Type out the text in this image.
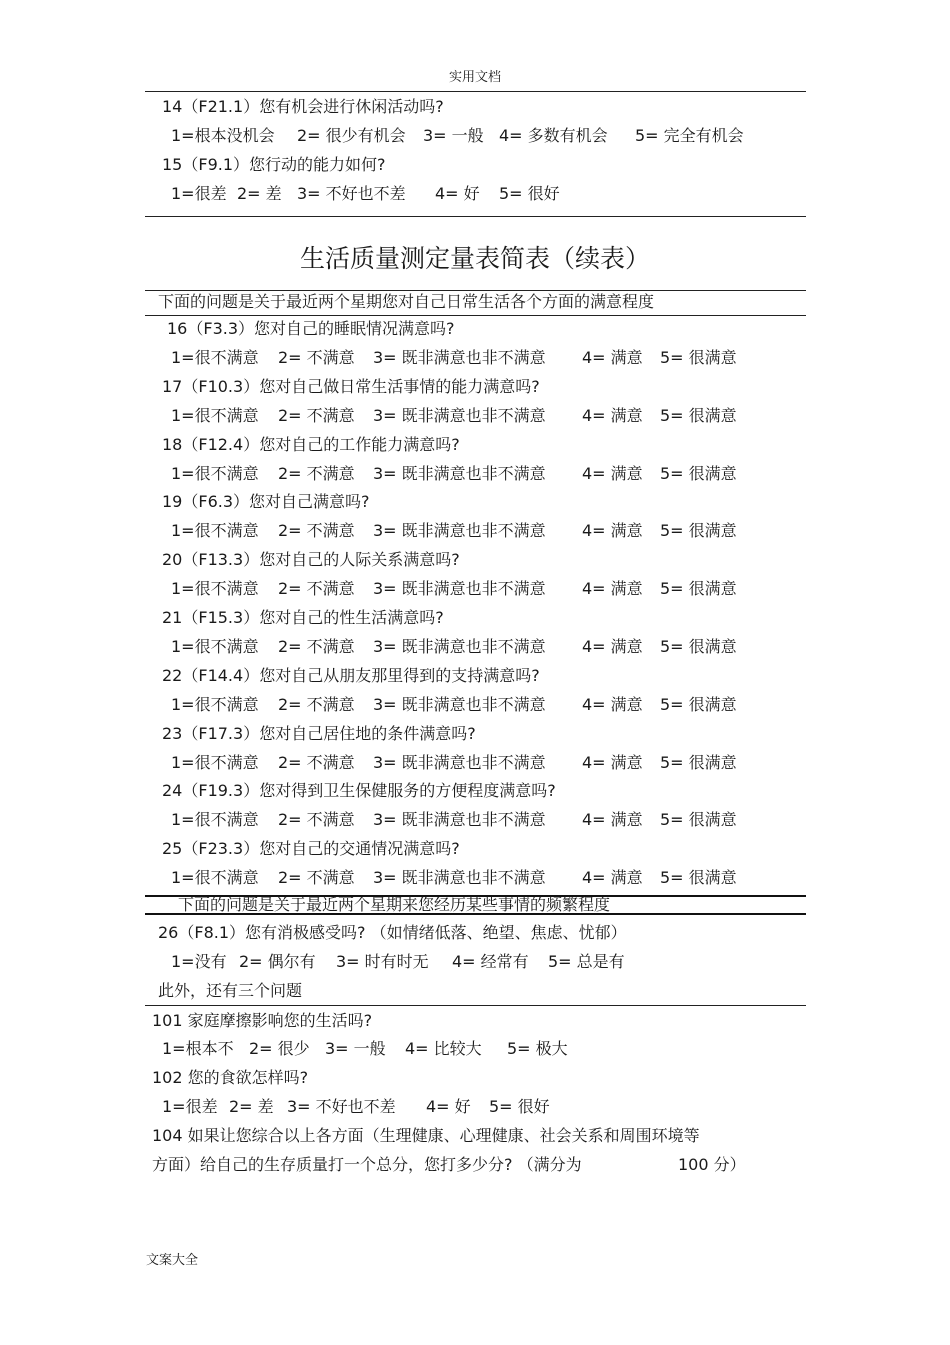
实用文档
14（F21.1）您有机会进行休闲活动吗?
1=根本没机会 2= 很少有机会 3= 一般 4= 多数有机会 5= 完全有机会
15（F9.1）您行动的能力如何?
1=很差 2= 差 3= 不好也不差 4= 好 5= 很好
生活质量测定量表简表（续表）
下面的问题是关于最近两个星期您对自己日常生活各个方面的满意程度
16（F3.3）您对自己的睡眠情况满意吗?
1=很不满意 2= 不满意 3= 既非满意也非不满意 4= 满意 5= 很满意
17（F10.3）您对自己做日常生活事情的能力满意吗?
1=很不满意 2= 不满意 3= 既非满意也非不满意 4= 满意 5= 很满意
18（F12.4）您对自己的工作能力满意吗?
1=很不满意 2= 不满意 3= 既非满意也非不满意 4= 满意 5= 很满意
19（F6.3）您对自己满意吗?
1=很不满意 2= 不满意 3= 既非满意也非不满意 4= 满意 5= 很满意
20（F13.3）您对自己的人际关系满意吗?
1=很不满意 2= 不满意 3= 既非满意也非不满意 4= 满意 5= 很满意
21（F15.3）您对自己的性生活满意吗?
1=很不满意 2= 不满意 3= 既非满意也非不满意 4= 满意 5= 很满意
22（F14.4）您对自己从朋友那里得到的支持满意吗?
1=很不满意 2= 不满意 3= 既非满意也非不满意 4= 满意 5= 很满意
23（F17.3）您对自己居住地的条件满意吗?
1=很不满意 2= 不满意 3= 既非满意也非不满意 4= 满意 5= 很满意
24（F19.3）您对得到卫生保健服务的方便程度满意吗?
1=很不满意 2= 不满意 3= 既非满意也非不满意 4= 满意 5= 很满意
25（F23.3）您对自己的交通情况满意吗?
1=很不满意 2= 不满意 3= 既非满意也非不满意 4= 满意 5= 很满意
下面的问题是关于最近两个星期来您经历某些事情的频繁程度
26（F8.1）您有消极感受吗? （如情绪低落、绝望、焦虑、忧郁）
1=没有 2= 偶尔有 3= 时有时无 4= 经常有 5= 总是有
此外，还有三个问题
101 家庭摩擦影响您的生活吗?
1=根本不 2= 很少 3= 一般 4= 比较大 5= 极大
102 您的食欲怎样吗?
1=很差 2= 差 3= 不好也不差 4= 好 5= 很好
104 如果让您综合以上各方面（生理健康、心理健康、社会关系和周围环境等
方面）给自己的生存质量打一个总分，您打多少分? （满分为	100 分）
文案大全
